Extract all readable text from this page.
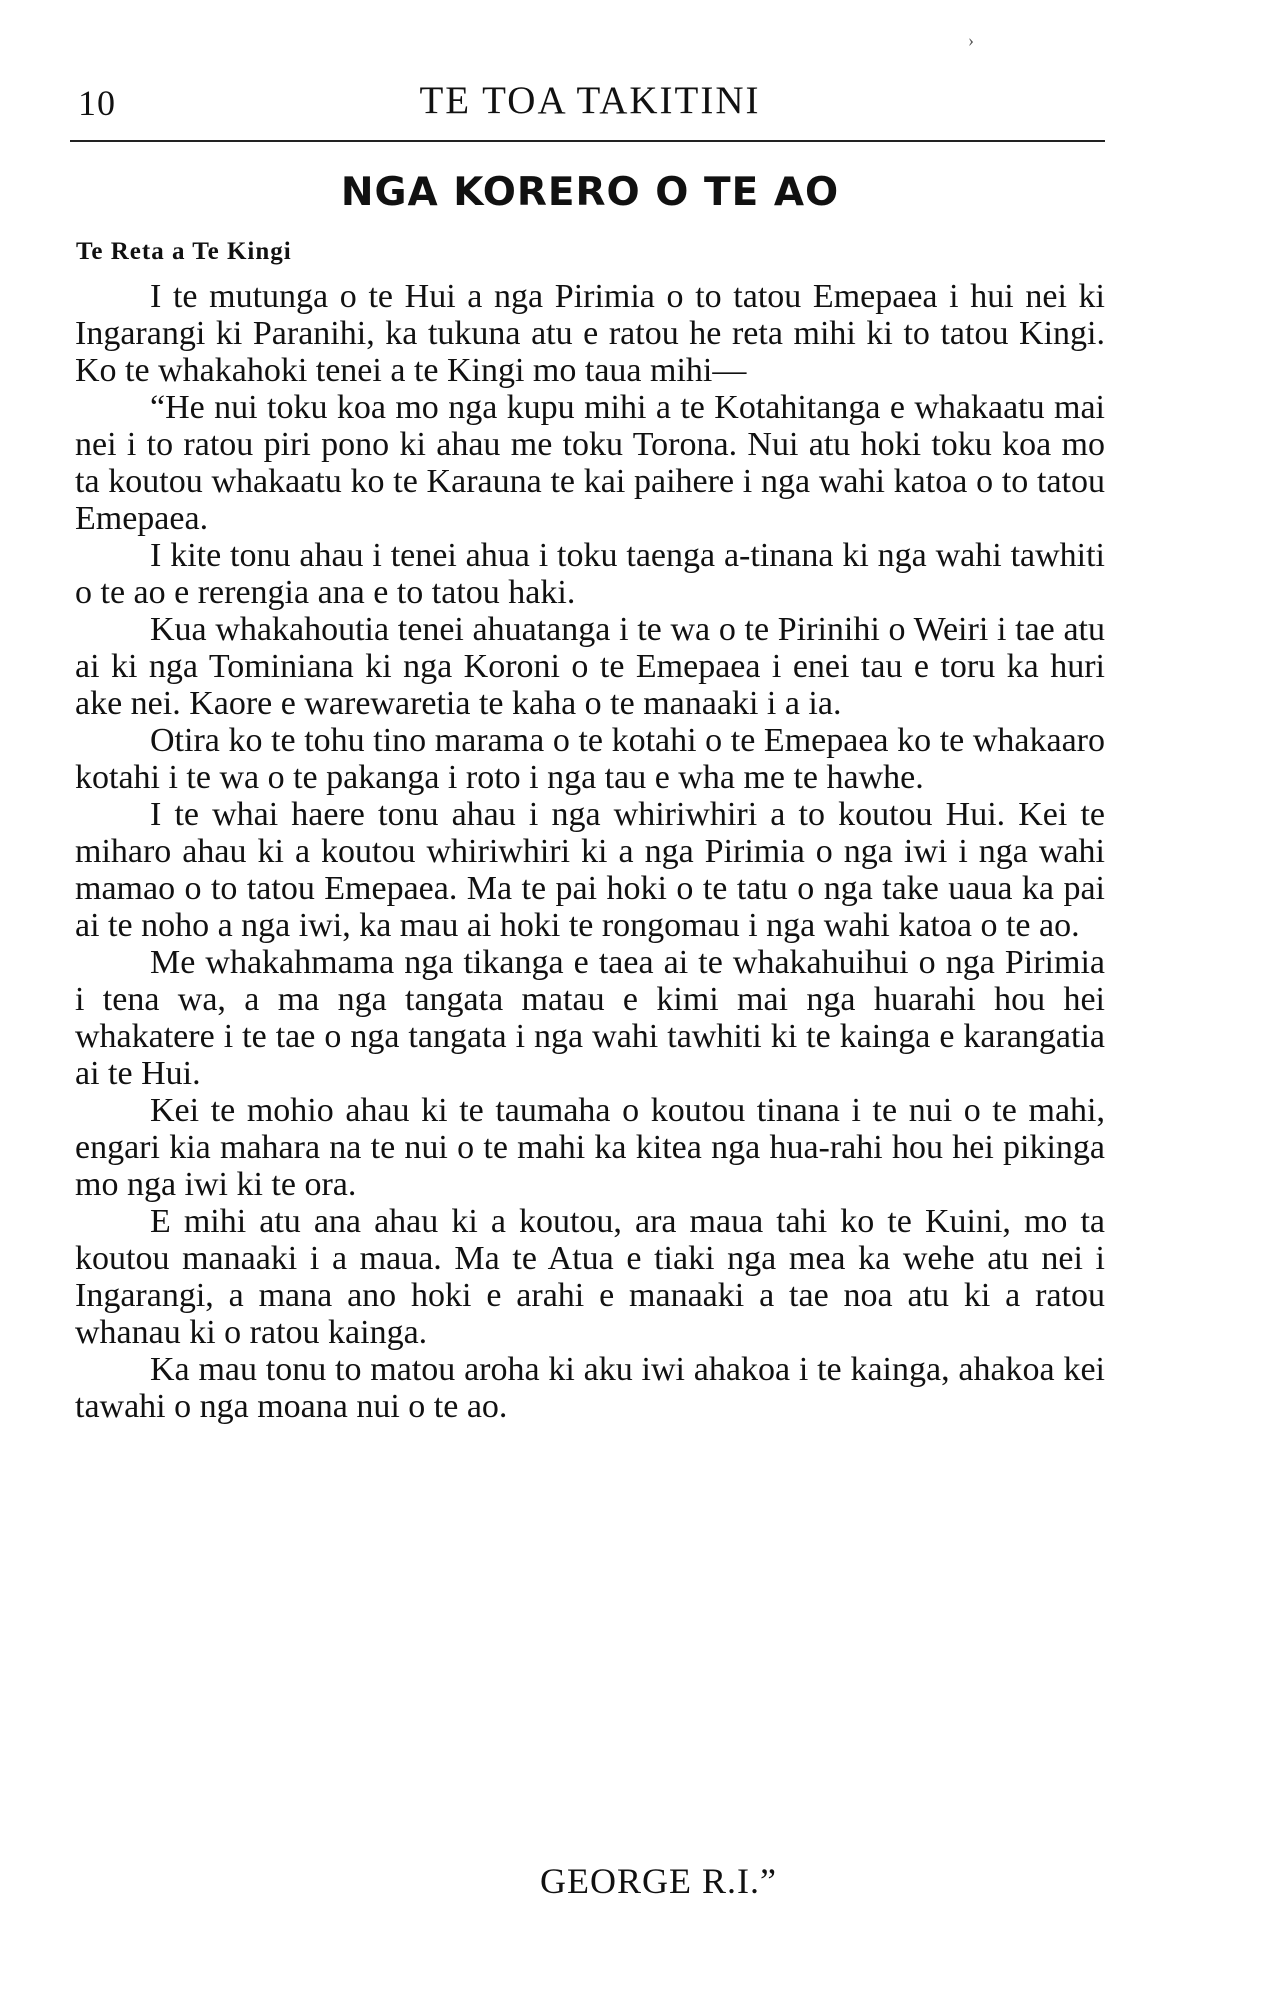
10	TE TOA TAKITINI
NGA KORERO O TE AO
Te Reta a Te Kingi

I te mutunga o te Hui a nga Pirimia o to tatou Emepaea i hui nei ki Ingarangi ki Paranihi, ka tukuna atu e ratou he reta mihi ki to tatou Kingi. Ko te whakahoki tenei a te Kingi mo taua mihi—

“He nui toku koa mo nga kupu mihi a te Kotahitanga e whakaatu mai nei i to ratou piri pono ki ahau me toku Torona. Nui atu hoki toku koa mo ta koutou whakaatu ko te Karauna te kai paihere i nga wahi katoa o to tatou Emepaea.

I kite tonu ahau i tenei ahua i toku taenga a-tinana ki nga wahi tawhiti o te ao e rerengia ana e to tatou haki.

Kua whakahoutia tenei ahuatanga i te wa o te Pirinihi o Weiri i tae atu ai ki nga Tominiana ki nga Koroni o te Emepaea i enei tau e toru ka huri ake nei. Kaore e warewaretia te kaha o te manaaki i a ia.

Otira ko te tohu tino marama o te kotahi o te Emepaea ko te whakaaro kotahi i te wa o te pakanga i roto i nga tau e wha me te hawhe.

I te whai haere tonu ahau i nga whiriwhiri a to koutou Hui. Kei te miharo ahau ki a koutou whiriwhiri ki a nga Pirimia o nga iwi i nga wahi mamao o to tatou Emepaea. Ma te pai hoki o te tatu o nga take uaua ka pai ai te noho a nga iwi, ka mau ai hoki te rongomau i nga wahi katoa o te ao.

Me whakahmama nga tikanga e taea ai te whakahuihui o nga Pirimia i tena wa, a ma nga tangata matau e kimi mai nga huarahi hou hei whakatere i te tae o nga tangata i nga wahi tawhiti ki te kainga e karangatia ai te Hui.

Kei te mohio ahau ki te taumaha o koutou tinana i te nui o te mahi, engari kia mahara na te nui o te mahi ka kitea nga hua-rahi hou hei pikinga mo nga iwi ki te ora.

E mihi atu ana ahau ki a koutou, ara maua tahi ko te Kuini, mo ta koutou manaaki i a maua. Ma te Atua e tiaki nga mea ka wehe atu nei i Ingarangi, a mana ano hoki e arahi e manaaki a tae noa atu ki a ratou whanau ki o ratou kainga.

Ka mau tonu to matou aroha ki aku iwi ahakoa i te kainga, ahakoa kei tawahi o nga moana nui o te ao.

GEORGE R.I.”
›
